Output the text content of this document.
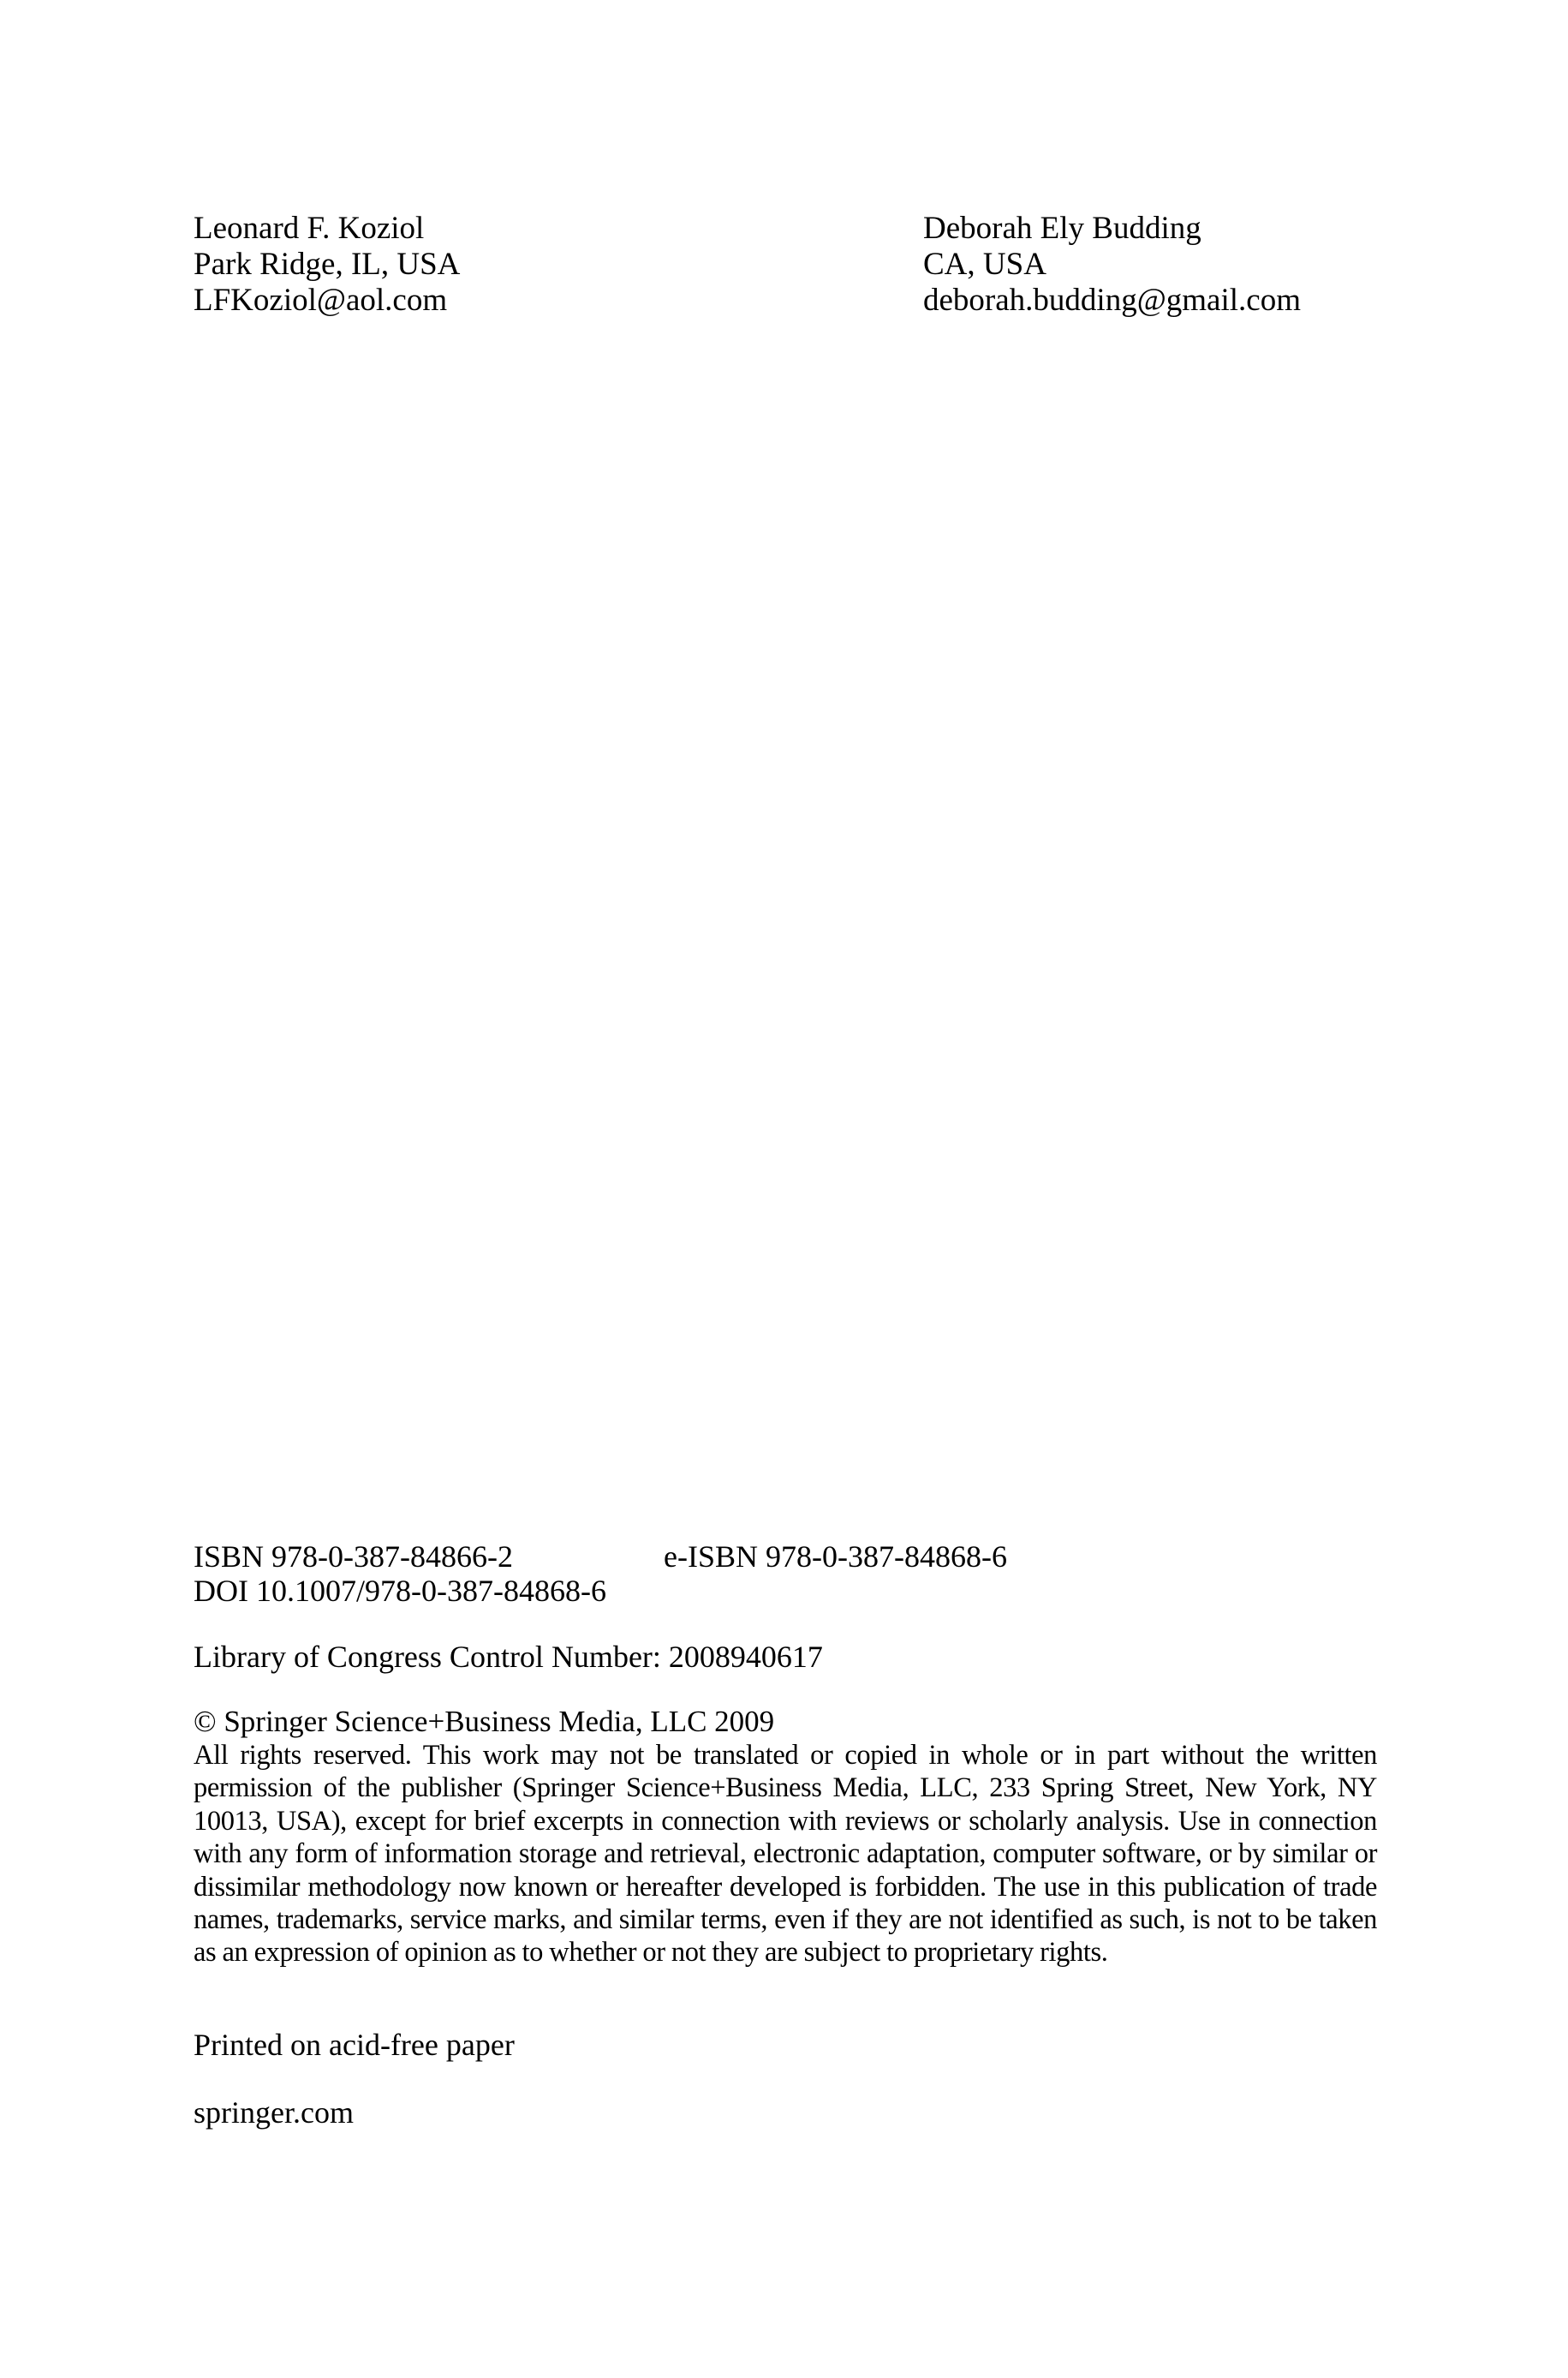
Leonard F. Koziol
Park Ridge, IL, USA
LFKoziol@aol.com
Deborah Ely Budding
CA, USA
deborah.budding@gmail.com
ISBN 978-0-387-84866-2	e-ISBN 978-0-387-84868-6
DOI 10.1007/978-0-387-84868-6
Library of Congress Control Number: 2008940617
© Springer Science+Business Media, LLC 2009
All rights reserved. This work may not be translated or copied in whole or in part without the written permission of the publisher (Springer Science+Business Media, LLC, 233 Spring Street, New York, NY 10013, USA), except for brief excerpts in connection with reviews or scholarly analysis. Use in connection with any form of information storage and retrieval, electronic adaptation, computer software, or by similar or dissimilar methodology now known or hereafter developed is forbidden. The use in this publication of trade names, trademarks, service marks, and similar terms, even if they are not identified as such, is not to be taken as an expression of opinion as to whether or not they are subject to proprietary rights.
Printed on acid-free paper
springer.com
